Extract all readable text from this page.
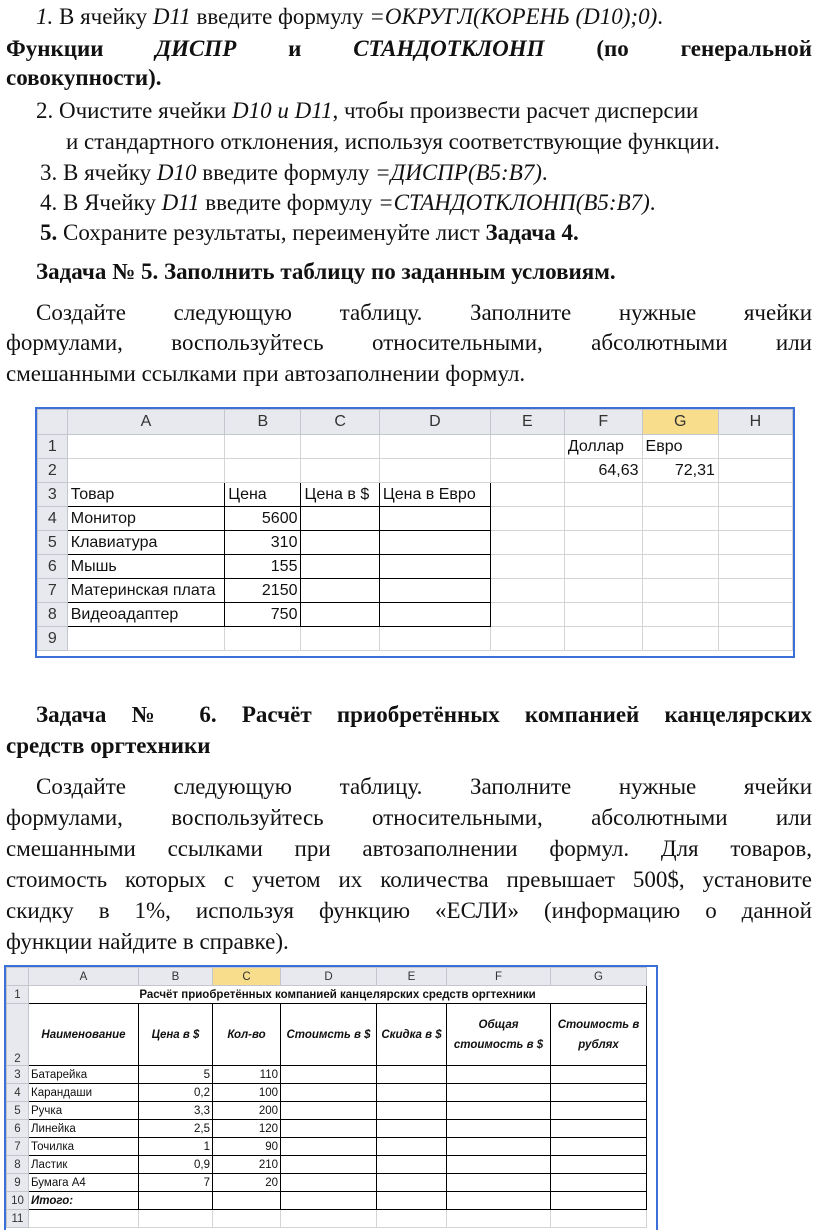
1. В ячейку D11 введите формулу =ОКРУГЛ(КОРЕНЬ (D10);0).
Функции ДИСПР и СТАНДОТКЛОНП (по генеральной
совокупности).
2. Очистите ячейки D10 и D11, чтобы произвести расчет дисперсии
и стандартного отклонения, используя соответствующие функции.
3. В ячейку D10 введите формулу =ДИСПР(B5:B7).
4. В Ячейку D11 введите формулу =СТАНДОТКЛОНП(B5:B7).
5. Сохраните результаты, переименуйте лист Задача 4.
Задача № 5. Заполнить таблицу по заданным условиям.
Создайте следующую таблицу. Заполните нужные ячейки
формулами, воспользуйтесь относительными, абсолютными или
смешанными ссылками при автозаполнении формул.
	A	B	C	D	E	F	G	H
1						Доллар	Евро	
2						64,63	72,31	
3	Товар	Цена	Цена в $	Цена в Евро				
4	Монитор	5600						
5	Клавиатура	310						
6	Мышь	155						
7	Материнская плата	2150						
8	Видеоадаптер	750						
9								
Задача № 6. Расчёт приобретённых компанией канцелярских
средств оргтехники
Создайте следующую таблицу. Заполните нужные ячейки
формулами, воспользуйтесь относительными, абсолютными или
смешанными ссылками при автозаполнении формул. Для товаров,
стоимость которых с учетом их количества превышает 500$, установите
скидку в 1%, используя функцию «ЕСЛИ» (информацию о данной
функции найдите в справке).
	A	B	C	D	E	F	G
1	Расчёт приобретённых компанией канцелярских средств оргтехники						
2	Наименование	Цена в $	Кол-во	Стоимсть в $	Скидка в $	Общая стоимость в $	Стоимость в рублях
3	Батарейка	5	110				
4	Карандаши	0,2	100				
5	Ручка	3,3	200				
6	Линейка	2,5	120				
7	Точилка	1	90				
8	Ластик	0,9	210				
9	Бумага А4	7	20				
10	Итого:						
11							
